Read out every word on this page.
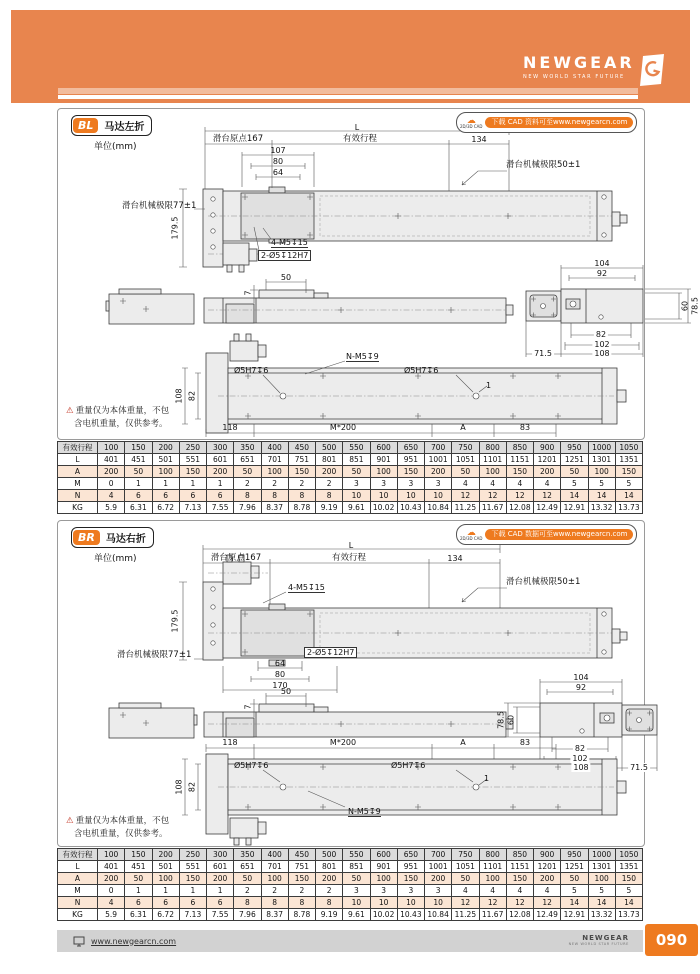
NEWGEAR
NEW WORLD STAR FUTURE
BL	马达左折
单位(mm)
☁
2D/3D CAD	下载 CAD 资料可至www.newgearcn.com
L
滑台原点167	有效行程	134
107
80
64
滑台机械极限77±1
滑台机械极限50±1
179.5
4-M5↧15
2-Ø5↧12H7
50
7
104
92
60 78.5
82
102
108
71.5
N-M5↧9
Ø5H7↧6	Ø5H7↧6
1
108 82
118	M*200	A	83
⚠ 重量仅为本体重量，不包
含电机重量，仅供参考。
有效行程	100	150	200	250	300	350	400	450	500	550	600	650	700	750	800	850	900	950	1000	1050
L	401	451	501	551	601	651	701	751	801	851	901	951	1001	1051	1101	1151	1201	1251	1301	1351
A	200	50	100	150	200	50	100	150	200	50	100	150	200	50	100	150	200	50	100	150
M	0	1	1	1	1	2	2	2	2	3	3	3	3	4	4	4	4	5	5	5
N	4	6	6	6	6	8	8	8	8	10	10	10	10	12	12	12	12	14	14	14
KG	5.9	6.31	6.72	7.13	7.55	7.96	8.37	8.78	9.19	9.61	10.02	10.43	10.84	11.25	11.67	12.08	12.49	12.91	13.32	13.73
BR	马达右折
单位(mm)
☁
2D/3D CAD	下载 CAD 数据可至www.newgearcn.com
L
滑台原点167	有效行程	134
4-M5↧15
滑台机械极限50±1
179.5
滑台机械极限77±1	2-Ø5↧12H7
64
80
170
50
7
104
92
78.5 60
82
102
108	71.5
118	M*200	A	83
Ø5H7↧6	Ø5H7↧6
1
108 82
N-M5↧9
⚠ 重量仅为本体重量，不包
含电机重量，仅供参考。
有效行程	100	150	200	250	300	350	400	450	500	550	600	650	700	750	800	850	900	950	1000	1050
L	401	451	501	551	601	651	701	751	801	851	901	951	1001	1051	1101	1151	1201	1251	1301	1351
A	200	50	100	150	200	50	100	150	200	50	100	150	200	50	100	150	200	50	100	150
M	0	1	1	1	1	2	2	2	2	3	3	3	3	4	4	4	4	5	5	5
N	4	6	6	6	6	8	8	8	8	10	10	10	10	12	12	12	12	14	14	14
KG	5.9	6.31	6.72	7.13	7.55	7.96	8.37	8.78	9.19	9.61	10.02	10.43	10.84	11.25	11.67	12.08	12.49	12.91	13.32	13.73
www.newgearcn.com	NEWGEAR
NEW WORLD STAR FUTURE	090
